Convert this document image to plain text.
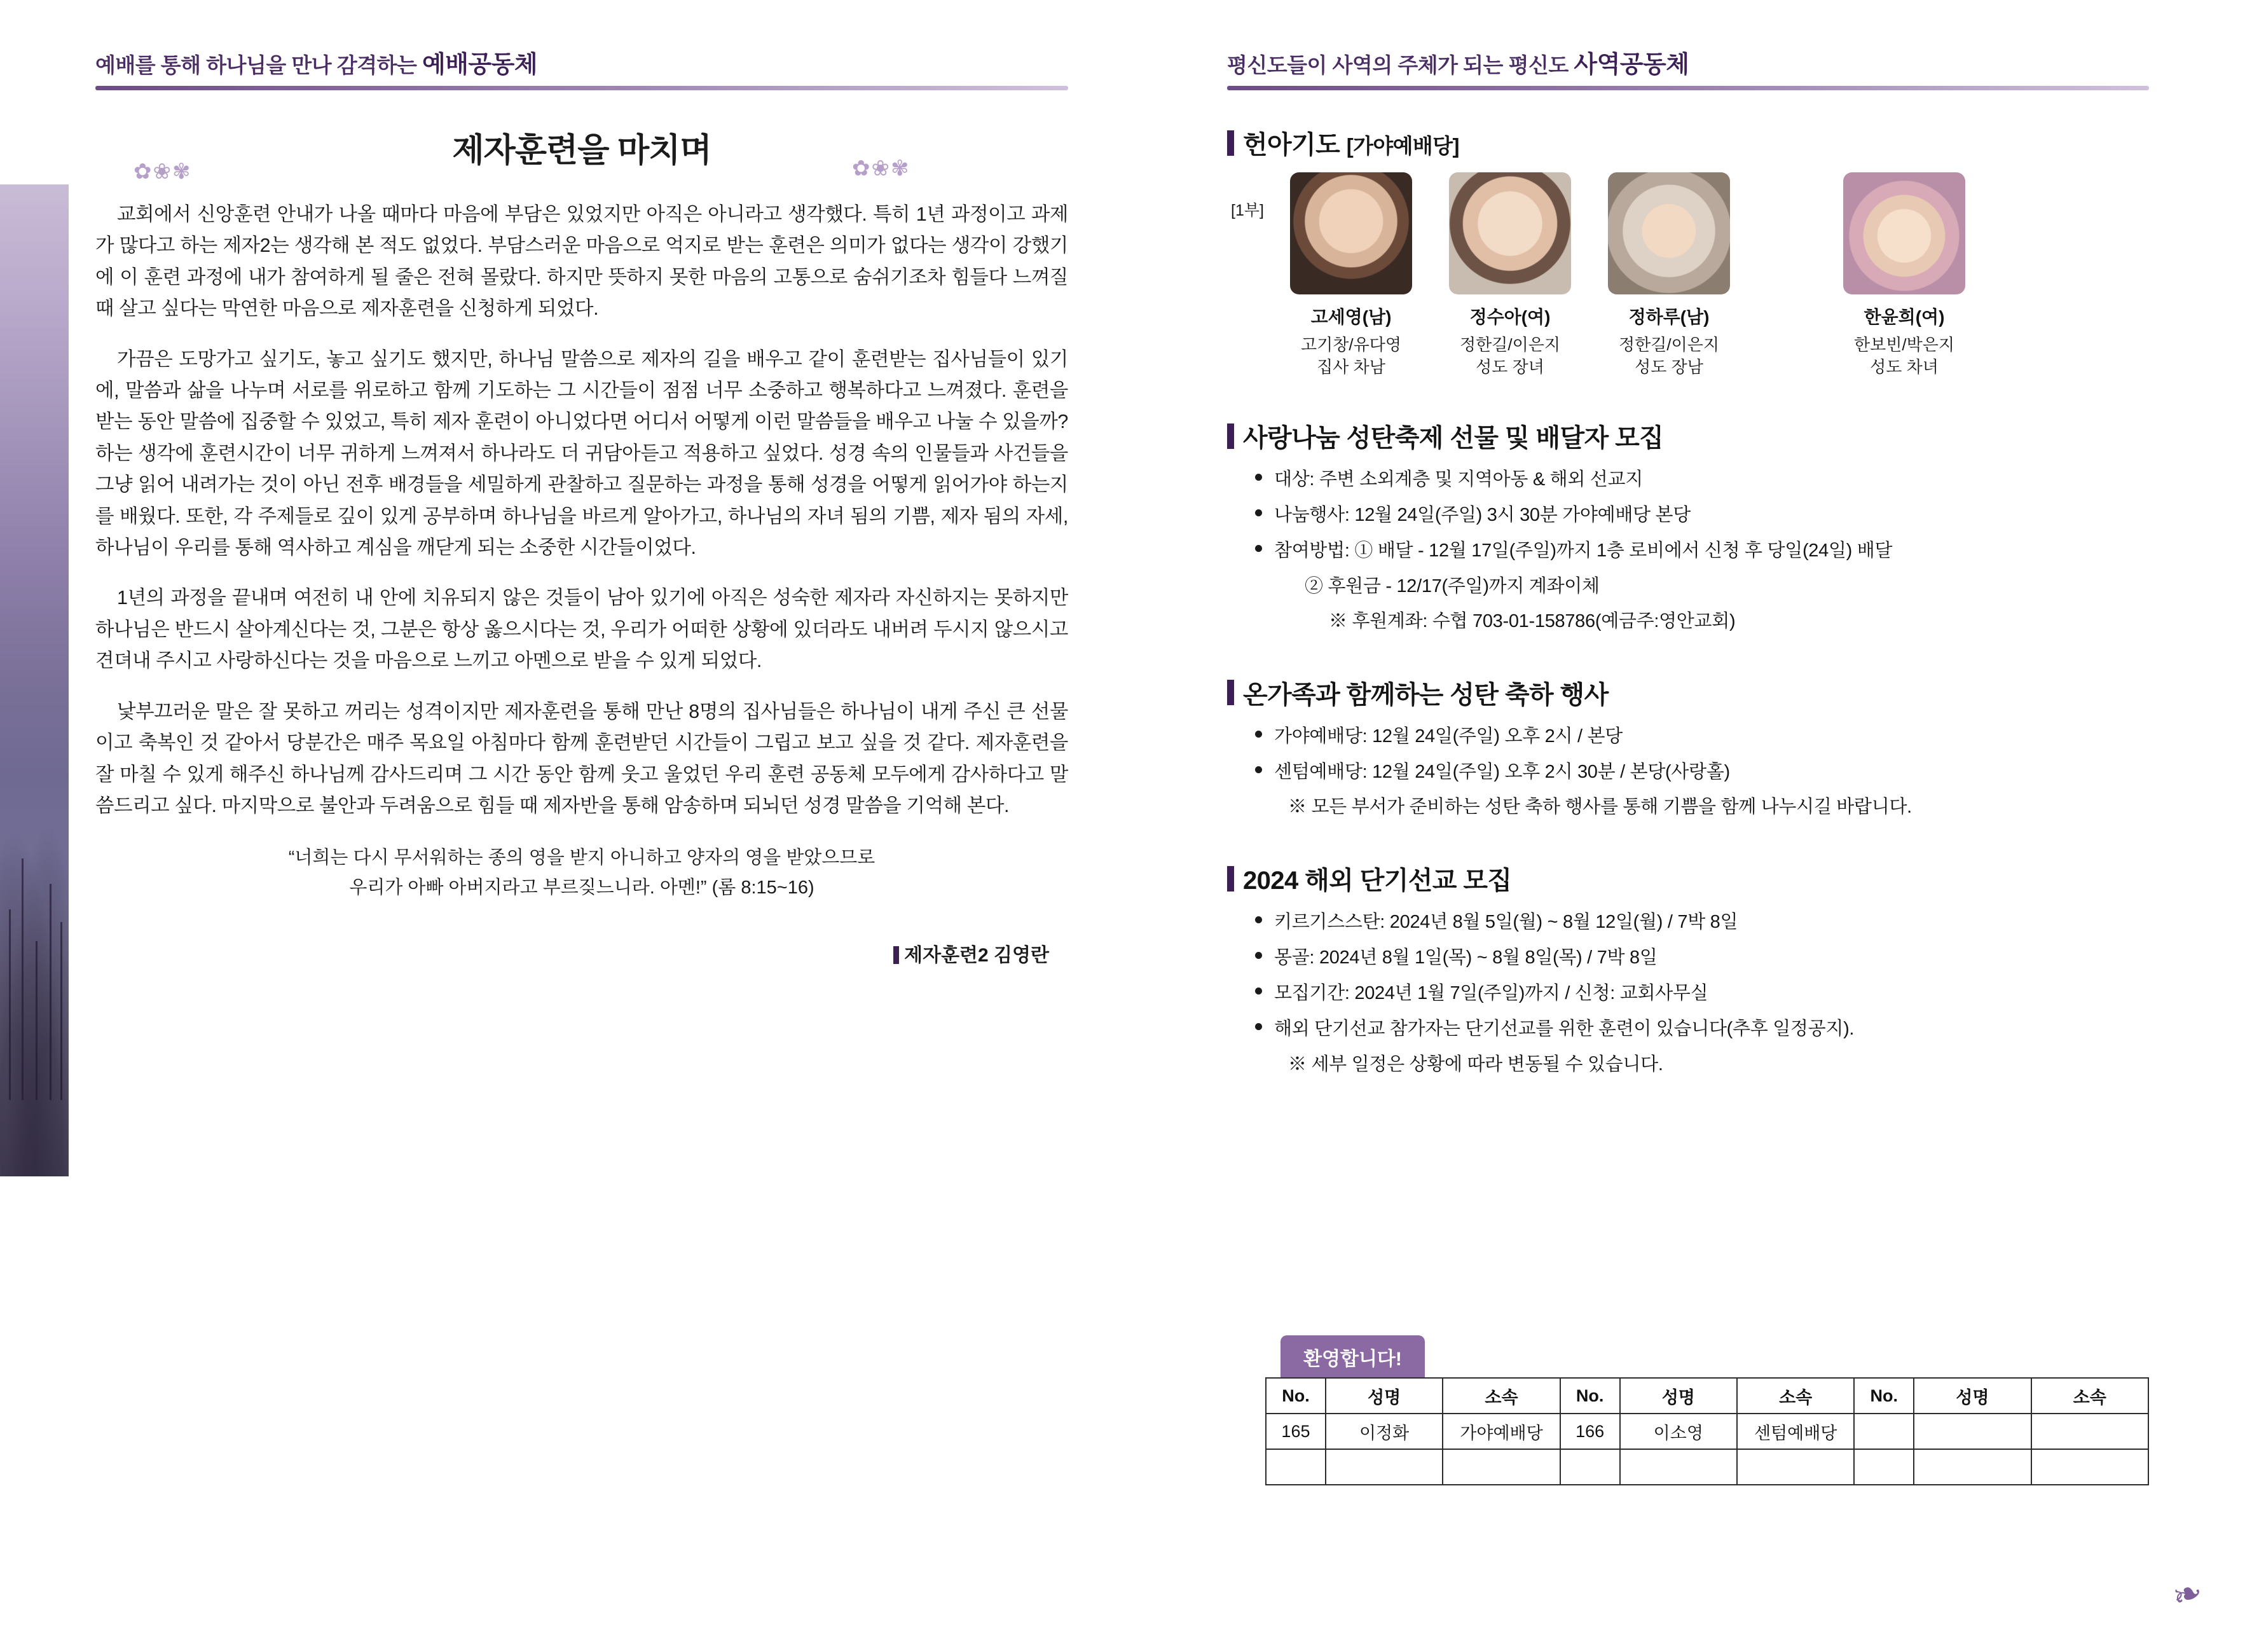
예배를 통해 하나님을 만나 감격하는 예배공동체
✿❀✾	✿❀✾
제자훈련을 마치며

교회에서 신앙훈련 안내가 나올 때마다 마음에 부담은 있었지만 아직은 아니라고 생각했다. 특히 1년 과정이고 과제가 많다고 하는 제자2는 생각해 본 적도 없었다. 부담스러운 마음으로 억지로 받는 훈련은 의미가 없다는 생각이 강했기에 이 훈련 과정에 내가 참여하게 될 줄은 전혀 몰랐다. 하지만 뜻하지 못한 마음의 고통으로 숨쉬기조차 힘들다 느껴질 때 살고 싶다는 막연한 마음으로 제자훈련을 신청하게 되었다.

가끔은 도망가고 싶기도, 놓고 싶기도 했지만, 하나님 말씀으로 제자의 길을 배우고 같이 훈련받는 집사님들이 있기에, 말씀과 삶을 나누며 서로를 위로하고 함께 기도하는 그 시간들이 점점 너무 소중하고 행복하다고 느껴졌다. 훈련을 받는 동안 말씀에 집중할 수 있었고, 특히 제자 훈련이 아니었다면 어디서 어떻게 이런 말씀들을 배우고 나눌 수 있을까? 하는 생각에 훈련시간이 너무 귀하게 느껴져서 하나라도 더 귀담아듣고 적용하고 싶었다. 성경 속의 인물들과 사건들을 그냥 읽어 내려가는 것이 아닌 전후 배경들을 세밀하게 관찰하고 질문하는 과정을 통해 성경을 어떻게 읽어가야 하는지를 배웠다. 또한, 각 주제들로 깊이 있게 공부하며 하나님을 바르게 알아가고, 하나님의 자녀 됨의 기쁨, 제자 됨의 자세, 하나님이 우리를 통해 역사하고 계심을 깨닫게 되는 소중한 시간들이었다.

1년의 과정을 끝내며 여전히 내 안에 치유되지 않은 것들이 남아 있기에 아직은 성숙한 제자라 자신하지는 못하지만 하나님은 반드시 살아계신다는 것, 그분은 항상 옳으시다는 것, 우리가 어떠한 상황에 있더라도 내버려 두시지 않으시고 견뎌내 주시고 사랑하신다는 것을 마음으로 느끼고 아멘으로 받을 수 있게 되었다.

낯부끄러운 말은 잘 못하고 꺼리는 성격이지만 제자훈련을 통해 만난 8명의 집사님들은 하나님이 내게 주신 큰 선물이고 축복인 것 같아서 당분간은 매주 목요일 아침마다 함께 훈련받던 시간들이 그립고 보고 싶을 것 같다. 제자훈련을 잘 마칠 수 있게 해주신 하나님께 감사드리며 그 시간 동안 함께 웃고 울었던 우리 훈련 공동체 모두에게 감사하다고 말씀드리고 싶다. 마지막으로 불안과 두려움으로 힘들 때 제자반을 통해 암송하며 되뇌던 성경 말씀을 기억해 본다.

“너희는 다시 무서워하는 종의 영을 받지 아니하고 양자의 영을 받았으므로
우리가 아빠 아버지라고 부르짖느니라. 아멘!” (롬 8:15~16)
제자훈련2 김영란
평신도들이 사역의 주체가 되는 평신도 사역공동체
헌아기도 [가야예배당]
[1부]
고세영(남)
고기창/유다영
집사 차남
정수아(여)
정한길/이은지
성도 장녀
정하루(남)
정한길/이은지
성도 장남
한윤희(여)
한보빈/박은지
성도 차녀
사랑나눔 성탄축제 선물 및 배달자 모집
대상: 주변 소외계층 및 지역아동 & 해외 선교지
나눔행사: 12월 24일(주일) 3시 30분 가야예배당 본당
참여방법: ① 배달 - 12월 17일(주일)까지 1층 로비에서 신청 후 당일(24일) 배달
② 후원금 - 12/17(주일)까지 계좌이체
※ 후원계좌: 수협 703-01-158786(예금주:영안교회)
온가족과 함께하는 성탄 축하 행사
가야예배당: 12월 24일(주일) 오후 2시 / 본당
센텀예배당: 12월 24일(주일) 오후 2시 30분 / 본당(사랑홀)
※ 모든 부서가 준비하는 성탄 축하 행사를 통해 기쁨을 함께 나누시길 바랍니다.
2024 해외 단기선교 모집
키르기스스탄: 2024년 8월 5일(월) ~ 8월 12일(월) / 7박 8일
몽골: 2024년 8월 1일(목) ~ 8월 8일(목) / 7박 8일
모집기간: 2024년 1월 7일(주일)까지 / 신청: 교회사무실
해외 단기선교 참가자는 단기선교를 위한 훈련이 있습니다(추후 일정공지).
※ 세부 일정은 상황에 따라 변동될 수 있습니다.
환영합니다!
No.	성명	소속	No.	성명	소속	No.	성명	소속
165	이정화	가야예배당	166	이소영	센텀예배당			

❧
